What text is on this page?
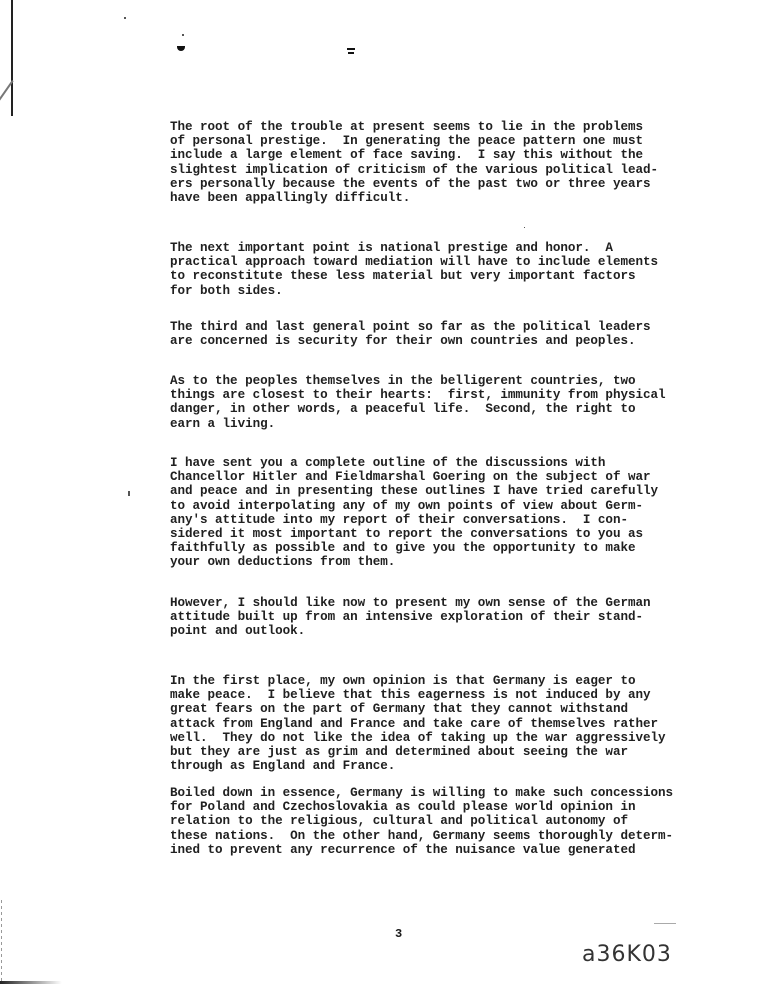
The root of the trouble at present seems to lie in the problems
of personal prestige.  In generating the peace pattern one must
include a large element of face saving.  I say this without the
slightest implication of criticism of the various political lead-
ers personally because the events of the past two or three years
have been appallingly difficult.

The next important point is national prestige and honor.  A
practical approach toward mediation will have to include elements
to reconstitute these less material but very important factors
for both sides.

The third and last general point so far as the political leaders
are concerned is security for their own countries and peoples.

As to the peoples themselves in the belligerent countries, two
things are closest to their hearts:  first, immunity from physical
danger, in other words, a peaceful life.  Second, the right to
earn a living.

I have sent you a complete outline of the discussions with
Chancellor Hitler and Fieldmarshal Goering on the subject of war
and peace and in presenting these outlines I have tried carefully
to avoid interpolating any of my own points of view about Germ-
any's attitude into my report of their conversations.  I con-
sidered it most important to report the conversations to you as
faithfully as possible and to give you the opportunity to make
your own deductions from them.

However, I should like now to present my own sense of the German
attitude built up from an intensive exploration of their stand-
point and outlook.

In the first place, my own opinion is that Germany is eager to
make peace.  I believe that this eagerness is not induced by any
great fears on the part of Germany that they cannot withstand
attack from England and France and take care of themselves rather
well.  They do not like the idea of taking up the war aggressively
but they are just as grim and determined about seeing the war
through as England and France.

Boiled down in essence, Germany is willing to make such concessions
for Poland and Czechoslovakia as could please world opinion in
relation to the religious, cultural and political autonomy of
these nations.  On the other hand, Germany seems thoroughly determ-
ined to prevent any recurrence of the nuisance value generated

3
a36K03
